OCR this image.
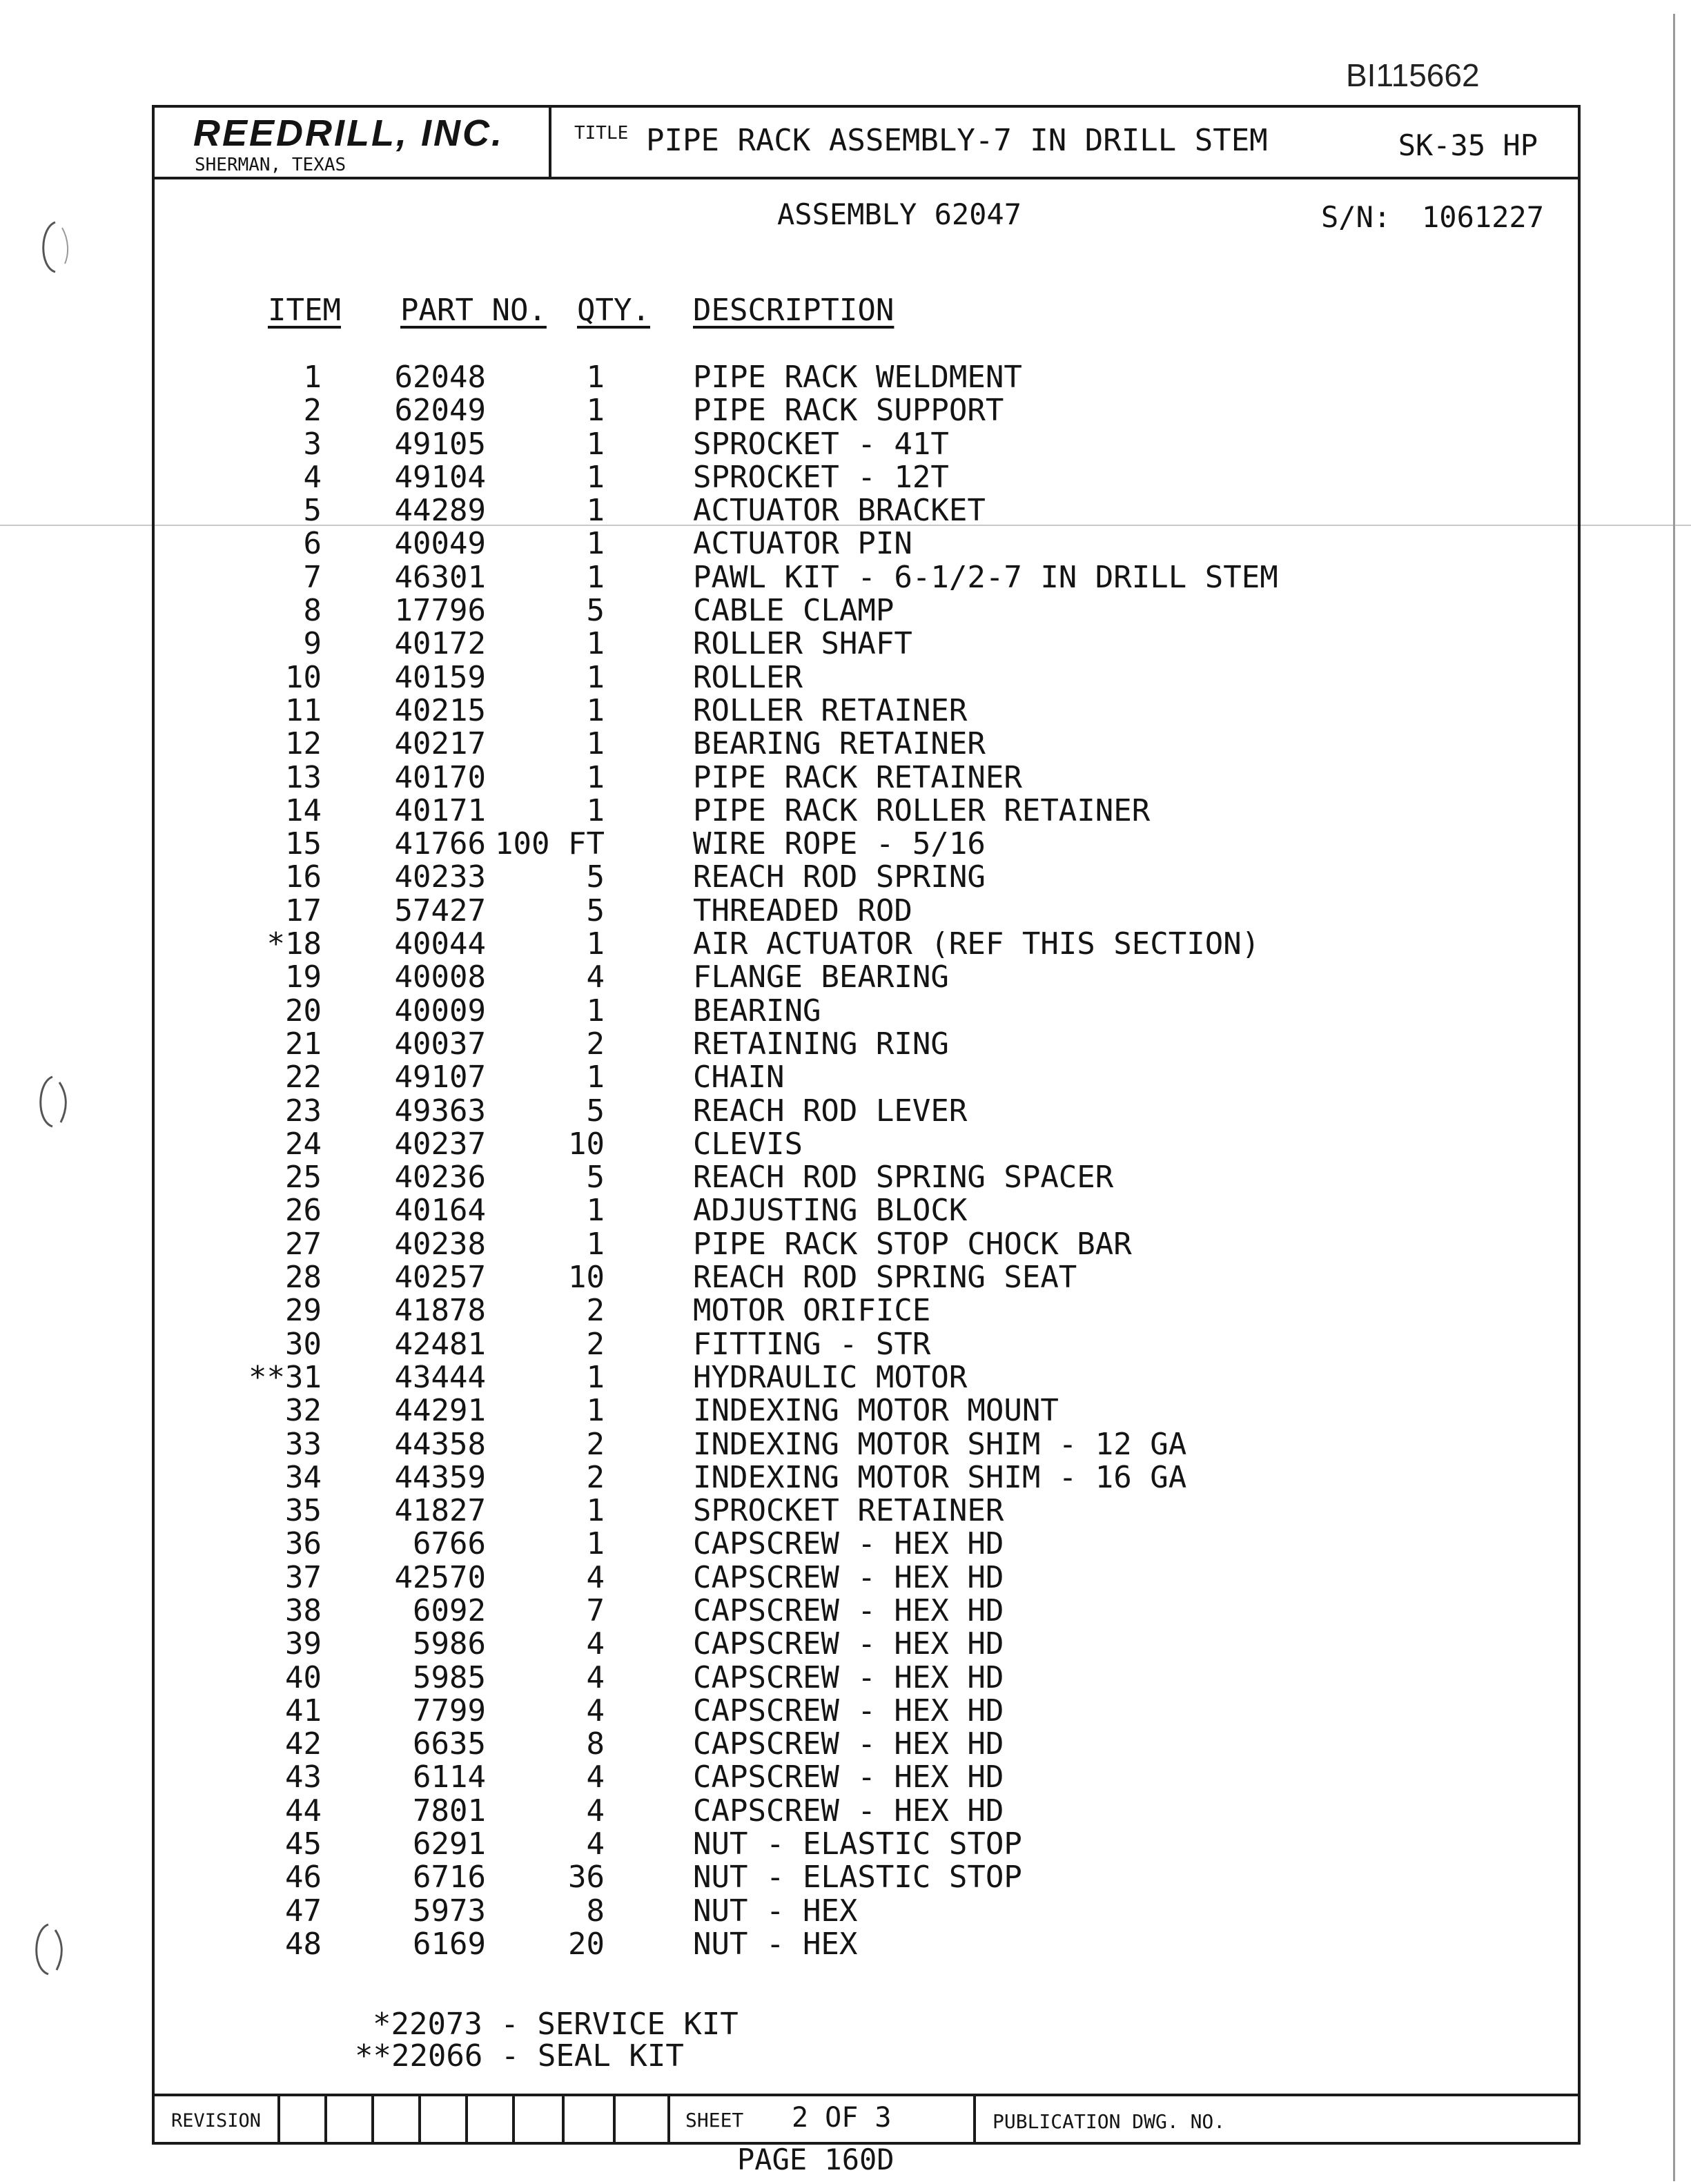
BI115662
REEDRILL, INC.
SHERMAN, TEXAS
TITLE PIPE RACK ASSEMBLY-7 IN DRILL STEM	SK-35 HP
ASSEMBLY 62047	S/N: 1061227
ITEM PART NO. QTY. DESCRIPTION
1 62048	1	PIPE RACK WELDMENT
2 62049	1	PIPE RACK SUPPORT
3 49105	1	SPROCKET - 41T
4 49104	1	SPROCKET - 12T
5 44289	1	ACTUATOR BRACKET
6 40049	1	ACTUATOR PIN
7 46301	1	PAWL KIT - 6-1/2-7 IN DRILL STEM
8 17796	5	CABLE CLAMP
9 40172	1	ROLLER SHAFT
10 40159	1	ROLLER
11 40215	1	ROLLER RETAINER
12 40217	1	BEARING RETAINER
13 40170	1	PIPE RACK RETAINER
14 40171	1	PIPE RACK ROLLER RETAINER
15 41766 100 FT	WIRE ROPE - 5/16
16 40233	5	REACH ROD SPRING
17 57427	5	THREADED ROD
*18 40044	1	AIR ACTUATOR (REF THIS SECTION)
19 40008	4	FLANGE BEARING
20 40009	1	BEARING
21 40037	2	RETAINING RING
22 49107	1	CHAIN
23 49363	5	REACH ROD LEVER
24 40237	10	CLEVIS
25 40236	5	REACH ROD SPRING SPACER
26 40164	1	ADJUSTING BLOCK
27 40238	1	PIPE RACK STOP CHOCK BAR
28 40257	10	REACH ROD SPRING SEAT
29 41878	2	MOTOR ORIFICE
30 42481	2	FITTING - STR
**31 43444	1	HYDRAULIC MOTOR
32 44291	1	INDEXING MOTOR MOUNT
33 44358	2	INDEXING MOTOR SHIM - 12 GA
34 44359	2	INDEXING MOTOR SHIM - 16 GA
35 41827	1	SPROCKET RETAINER
36	6766	1	CAPSCREW - HEX HD
37 42570	4	CAPSCREW - HEX HD
38	6092	7	CAPSCREW - HEX HD
39	5986	4	CAPSCREW - HEX HD
40	5985	4	CAPSCREW - HEX HD
41	7799	4	CAPSCREW - HEX HD
42	6635	8	CAPSCREW - HEX HD
43	6114	4	CAPSCREW - HEX HD
44	7801	4	CAPSCREW - HEX HD
45	6291	4	NUT - ELASTIC STOP
46	6716	36	NUT - ELASTIC STOP
47	5973	8	NUT - HEX
48	6169	20	NUT - HEX

*22073 - SERVICE KIT

**22066 - SEAL KIT

REVISION	SHEET 2 OF 3	PUBLICATION DWG. NO.
PAGE 160D
